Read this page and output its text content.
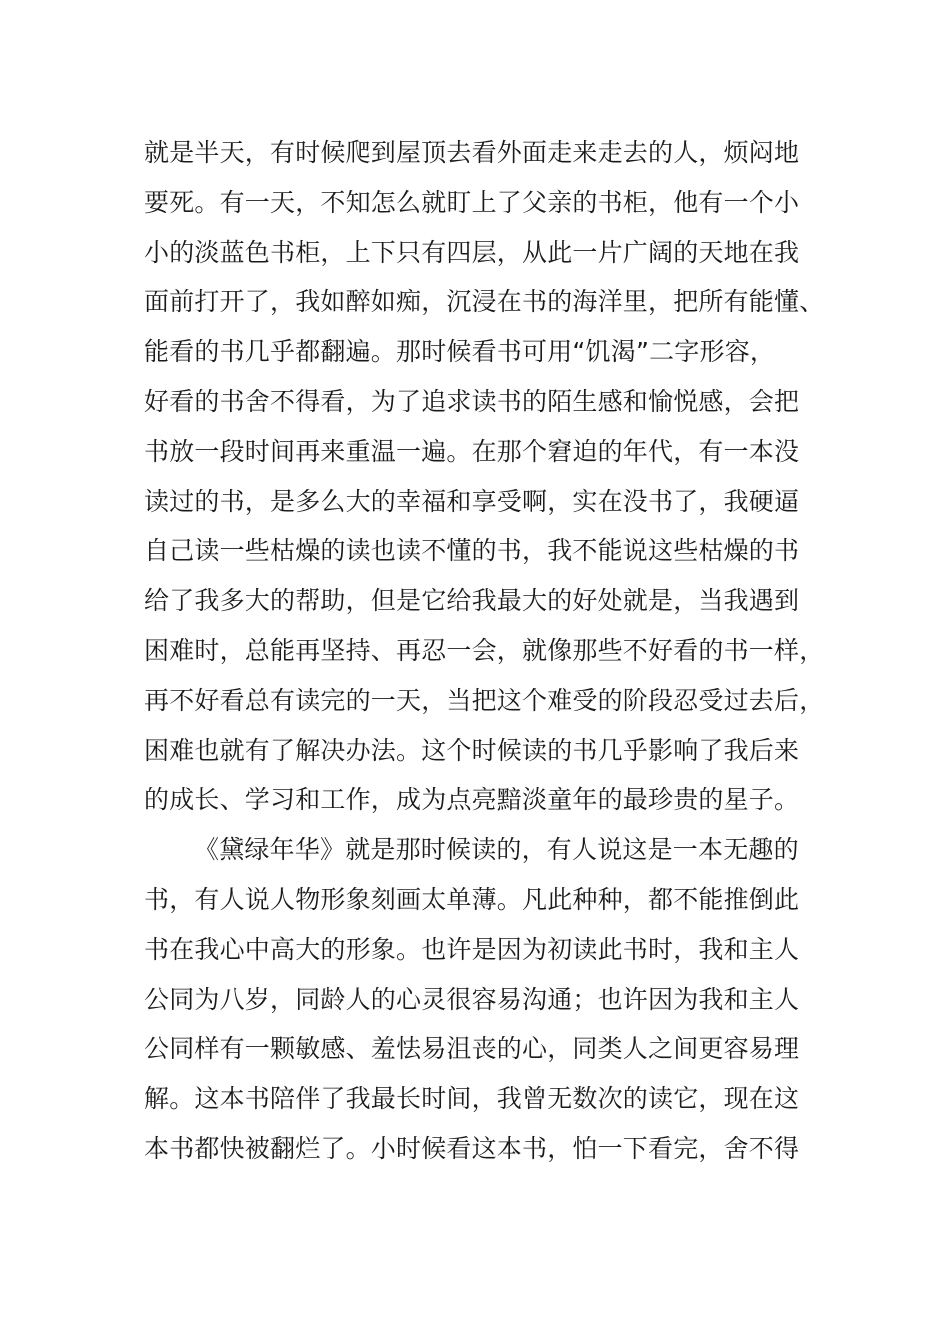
就是半天，有时候爬到屋顶去看外面走来走去的人，烦闷地
要死。有一天，不知怎么就盯上了父亲的书柜，他有一个小
小的淡蓝色书柜，上下只有四层，从此一片广阔的天地在我
面前打开了，我如醉如痴，沉浸在书的海洋里，把所有能懂、
能看的书几乎都翻遍。那时候看书可用“饥渴”二字形容，
好看的书舍不得看，为了追求读书的陌生感和愉悦感，会把
书放一段时间再来重温一遍。在那个窘迫的年代，有一本没
读过的书，是多么大的幸福和享受啊，实在没书了，我硬逼
自己读一些枯燥的读也读不懂的书，我不能说这些枯燥的书
给了我多大的帮助，但是它给我最大的好处就是，当我遇到
困难时，总能再坚持、再忍一会，就像那些不好看的书一样，
再不好看总有读完的一天，当把这个难受的阶段忍受过去后，
困难也就有了解决办法。这个时候读的书几乎影响了我后来
的成长、学习和工作，成为点亮黯淡童年的最珍贵的星子。
《黛绿年华》就是那时候读的，有人说这是一本无趣的
书，有人说人物形象刻画太单薄。凡此种种，都不能推倒此
书在我心中高大的形象。也许是因为初读此书时，我和主人
公同为八岁，同龄人的心灵很容易沟通；也许因为我和主人
公同样有一颗敏感、羞怯易沮丧的心，同类人之间更容易理
解。这本书陪伴了我最长时间，我曾无数次的读它，现在这
本书都快被翻烂了。小时候看这本书，怕一下看完，舍不得
